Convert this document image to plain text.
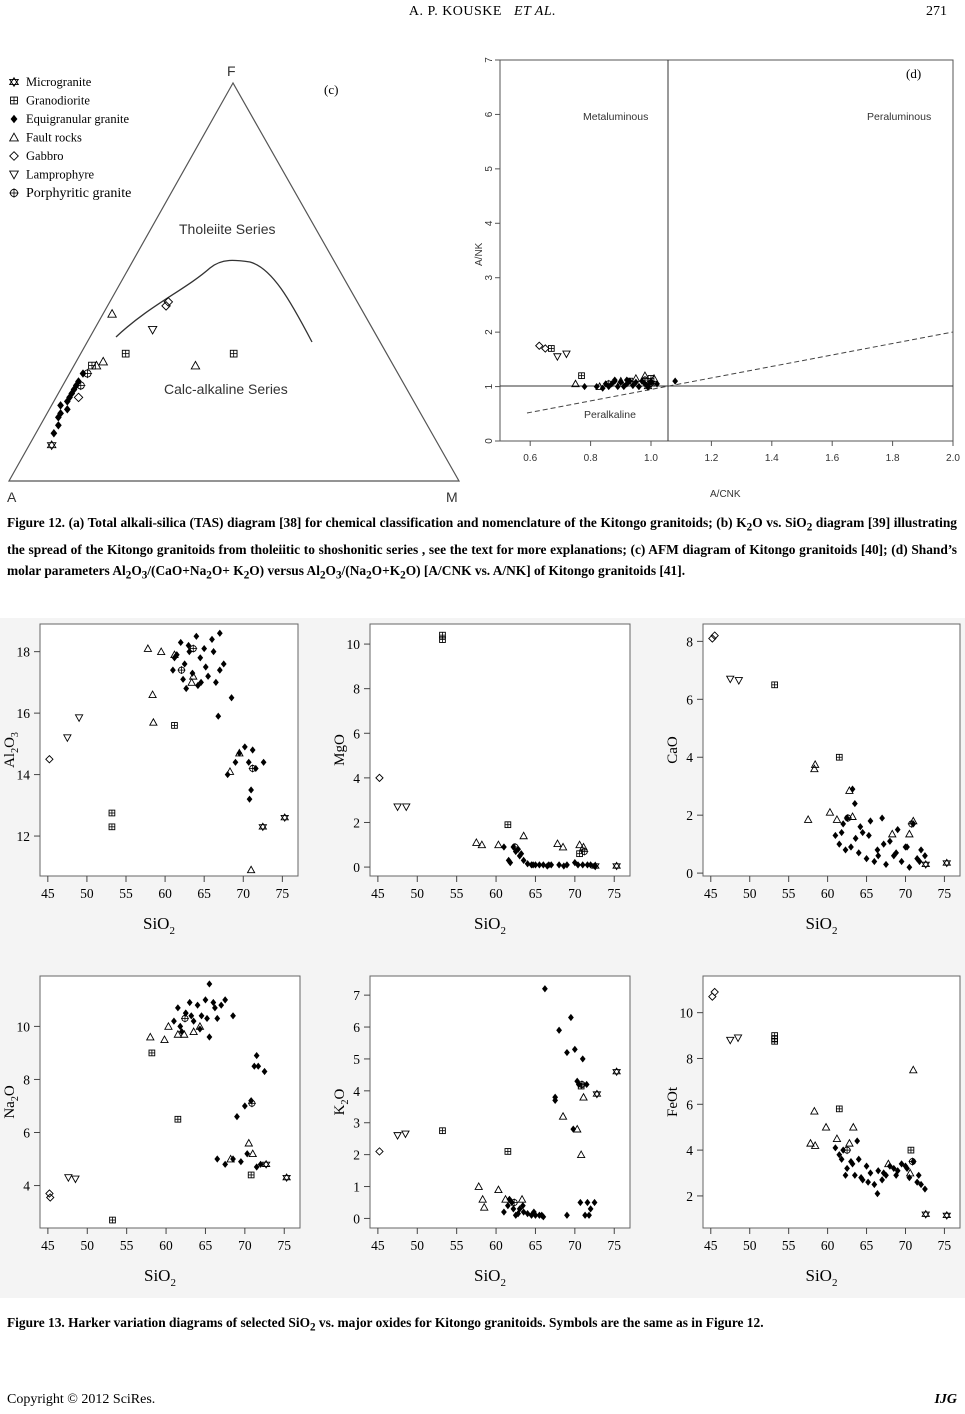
A. P. KOUSKE ET AL.	271
F
A	M
(c)
Tholeiite Series
Calc-alkaline Series
Microgranite
Granodiorite
Equigranular granite
Fault rocks
Gabbro
Lamprophyre
Porphyritic granite
0.6	0.8	1.0	1.2	1.4	1.6	1.8	2.0
0
1
2
3
4
5
6
7
Metaluminous	Peraluminous
Peralkaline
(d)
A/CNK
A/NK
Figure 12. (a) Total alkali-silica (TAS) diagram [38] for chemical classification and nomenclature of the Kitongo granitoids; (b) $K_2O$ vs. SiO$_2$ diagram [39] illustrating the spread of the Kitongo granitoids from tholeiitic to shoshonitic series , see the text for more explanations; (c) AFM diagram of Kitongo granitoids [40]; (d) Shand’s molar parameters $Al_2O_3/(CaO+Na_2O+ K_2O)$ versus $Al_2O_3/(Na_2O+K_2O)$ [A/CNK vs. A/NK] of Kitongo granitoids [41].
45 50 55 60 65 70 75
12
14
16
18
SiO$_2$
$Al_2O_3$
45 50 55 60 65 70 75
0
2
4
6
8
10
SiO$_2$
MgO
45 50 55 60 65 70 75
0
2
4
6
8
SiO$_2$
CaO
45 50 55 60 65 70 75
4
6
8
10
SiO$_2$
$Na_2O$
45 50 55 60 65 70 75
0
1
2
3
4
5
6
7
SiO$_2$
$K_2O$
45 50 55 60 65 70 75
2
4
6
8
10
SiO$_2$
FeOt
Figure 13. Harker variation diagrams of selected SiO$_2$ vs. major oxides for Kitongo granitoids. Symbols are the same as in Figure 12.
Copyright © 2012 SciRes.	IJG
